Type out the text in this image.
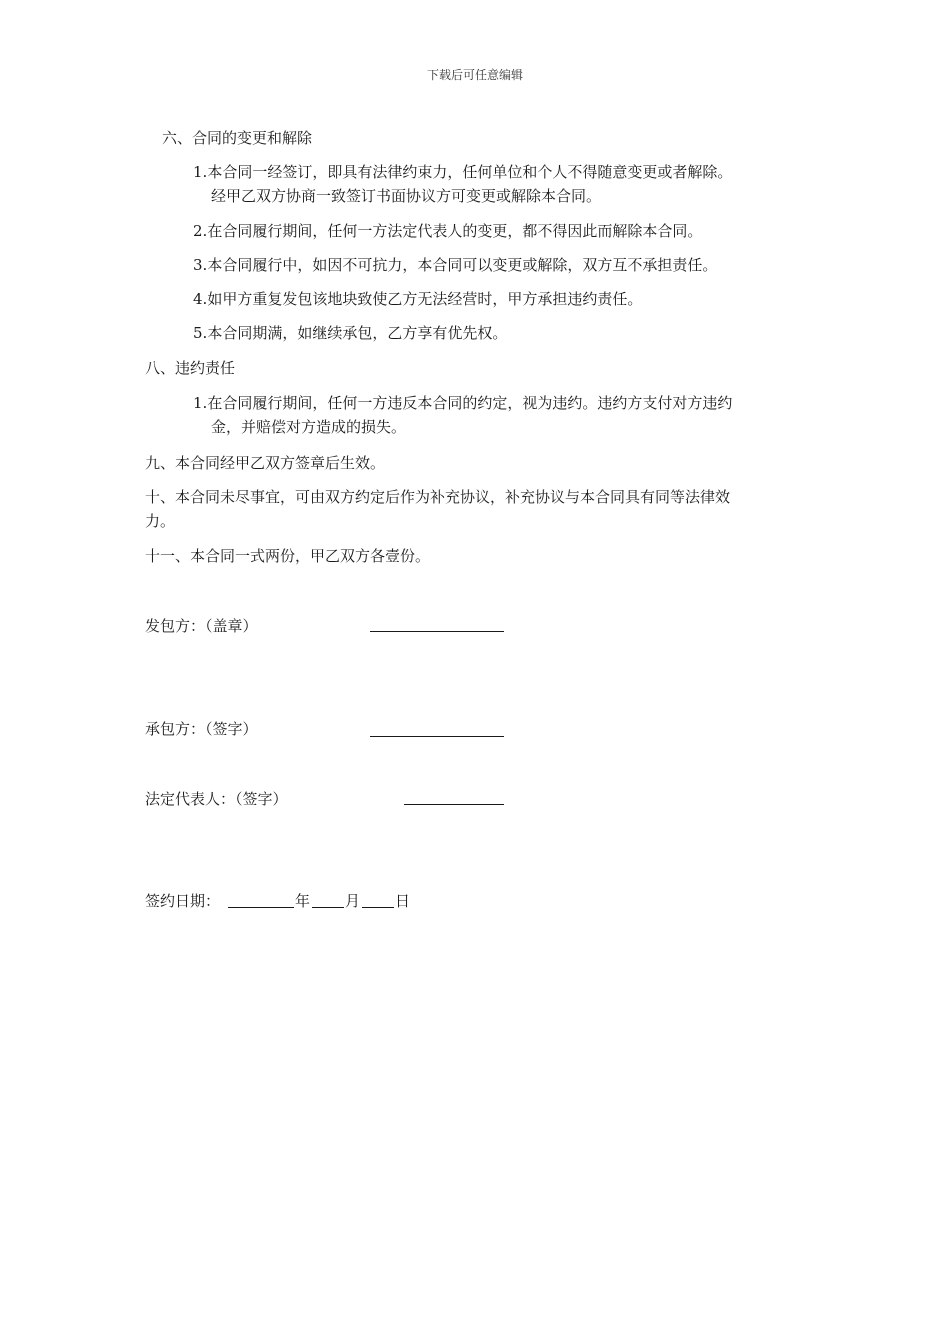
下载后可任意编辑
六、合同的变更和解除
1.本合同一经签订，即具有法律约束力，任何单位和个人不得随意变更或者解除。
经甲乙双方协商一致签订书面协议方可变更或解除本合同。
2.在合同履行期间，任何一方法定代表人的变更，都不得因此而解除本合同。
3.本合同履行中，如因不可抗力，本合同可以变更或解除，双方互不承担责任。
4.如甲方重复发包该地块致使乙方无法经营时，甲方承担违约责任。
5.本合同期满，如继续承包，乙方享有优先权。
八、违约责任
1.在合同履行期间，任何一方违反本合同的约定，视为违约。违约方支付对方违约
金，并赔偿对方造成的损失。
九、本合同经甲乙双方签章后生效。
十、本合同未尽事宜，可由双方约定后作为补充协议，补充协议与本合同具有同等法律效
力。
十一、本合同一式两份，甲乙双方各壹份。
发包方：（盖章）
承包方：（签字）
法定代表人：（签字）
签约日期：	年 月 日
